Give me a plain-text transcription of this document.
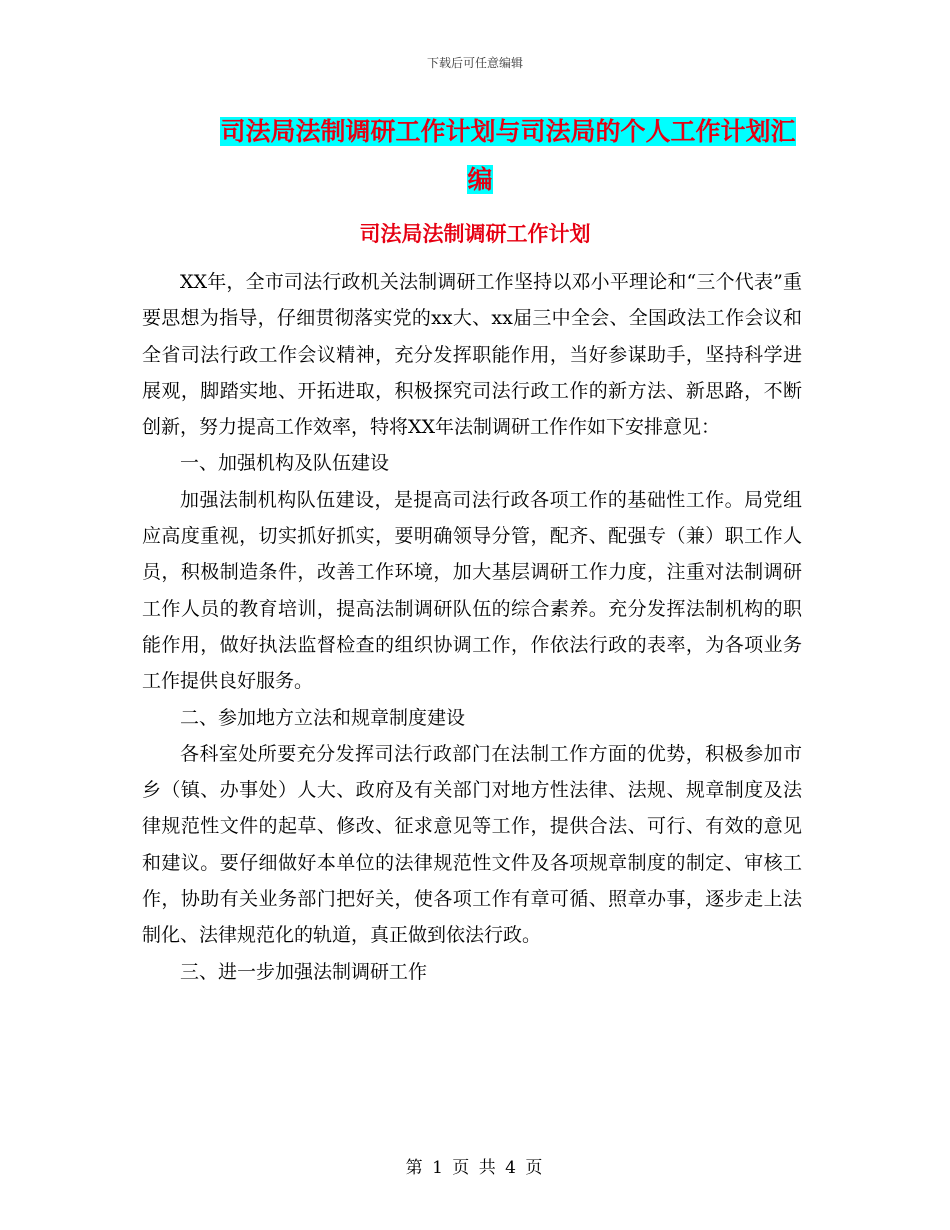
下载后可任意编辑
司法局法制调研工作计划与司法局的个人工作计划汇
编
司法局法制调研工作计划

XX年，全市司法行政机关法制调研工作坚持以邓小平理论和“三个代表”重要思想为指导，仔细贯彻落实党的xx大、xx届三中全会、全国政法工作会议和全省司法行政工作会议精神，充分发挥职能作用，当好参谋助手，坚持科学进展观，脚踏实地、开拓进取，积极探究司法行政工作的新方法、新思路，不断创新，努力提高工作效率，特将XX年法制调研工作作如下安排意见：

一、加强机构及队伍建设

加强法制机构队伍建设，是提高司法行政各项工作的基础性工作。局党组应高度重视，切实抓好抓实，要明确领导分管，配齐、配强专（兼）职工作人员，积极制造条件，改善工作环境，加大基层调研工作力度，注重对法制调研工作人员的教育培训，提高法制调研队伍的综合素养。充分发挥法制机构的职能作用，做好执法监督检查的组织协调工作，作依法行政的表率，为各项业务工作提供良好服务。

二、参加地方立法和规章制度建设

各科室处所要充分发挥司法行政部门在法制工作方面的优势，积极参加市乡（镇、办事处）人大、政府及有关部门对地方性法律、法规、规章制度及法律规范性文件的起草、修改、征求意见等工作，提供合法、可行、有效的意见和建议。要仔细做好本单位的法律规范性文件及各项规章制度的制定、审核工作，协助有关业务部门把好关，使各项工作有章可循、照章办事，逐步走上法制化、法律规范化的轨道，真正做到依法行政。

三、进一步加强法制调研工作

第 1 页 共 4 页
